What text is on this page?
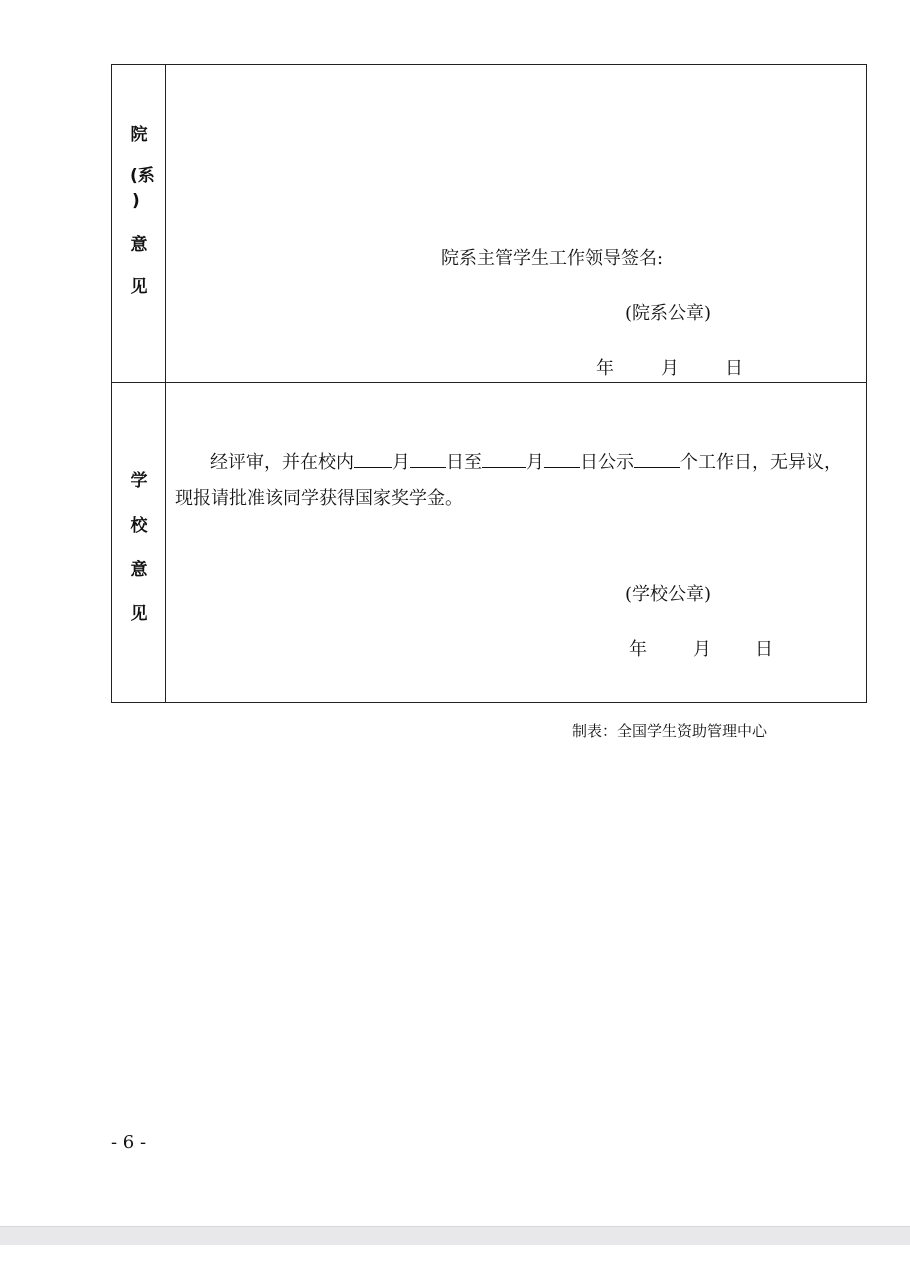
院
(系
)
意
见
院系主管学生工作领导签名:
(院系公章)
年	月	日
学
校
意
见
经评审，并在校内 月 日至 月 日公示	个工作日，无异议，
现报请批准该同学获得国家奖学金。
(学校公章)
年	月 日
制表：全国学生资助管理中心
- 6 -
